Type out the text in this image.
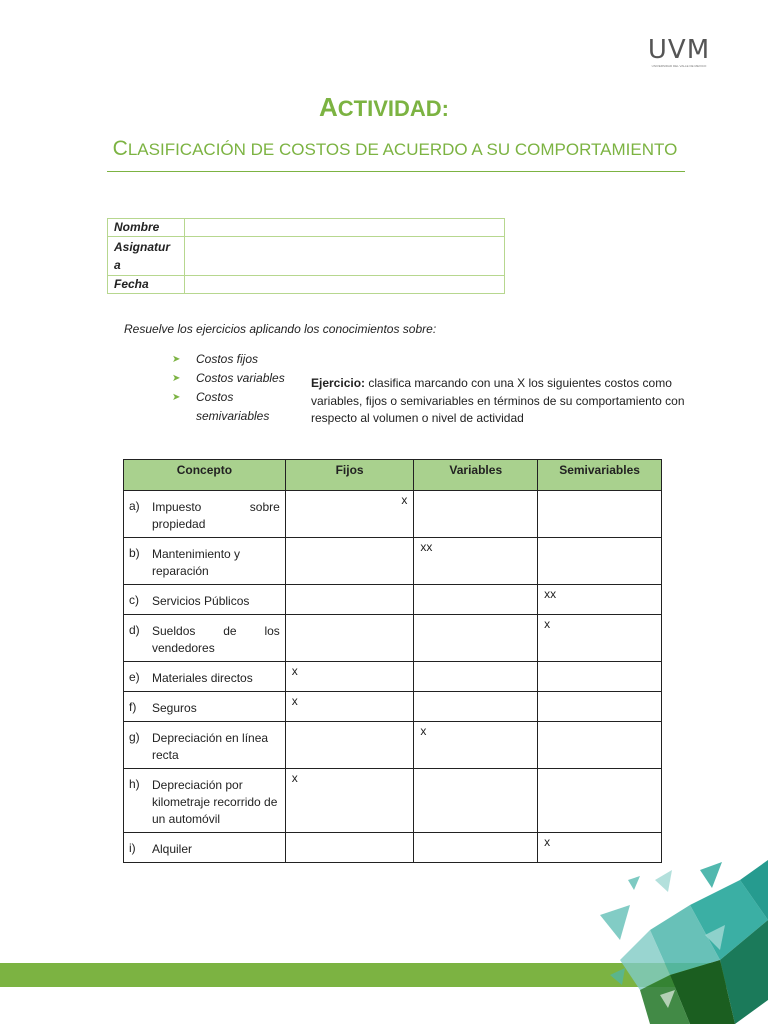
UVM
UNIVERSIDAD DEL VALLE DE MEXICO
ACTIVIDAD:
CLASIFICACIÓN DE COSTOS DE ACUERDO A SU COMPORTAMIENTO
Nombre	
Asignatur a	
Fecha	
Resuelve los ejercicios aplicando los conocimientos sobre:
➤ Costos fijos
➤ Costos variables
➤ Costos semivariables
Ejercicio: clasifica marcando con una X los siguientes costos como variables, fijos o semivariables en términos de su comportamiento con respecto al volumen o nivel de actividad
Concepto	Fijos	Variables	Semivariables

a) Impuesto sobre propiedad	x		

b) Mantenimiento y reparación		xx	

c) Servicios Públicos			xx

d) Sueldos de los vendedores			x

e) Materiales directos	x		

f) Seguros	x		

g) Depreciación en línea recta		x	

h) Depreciación por kilometraje recorrido de un automóvil	x		

i) Alquiler			x
